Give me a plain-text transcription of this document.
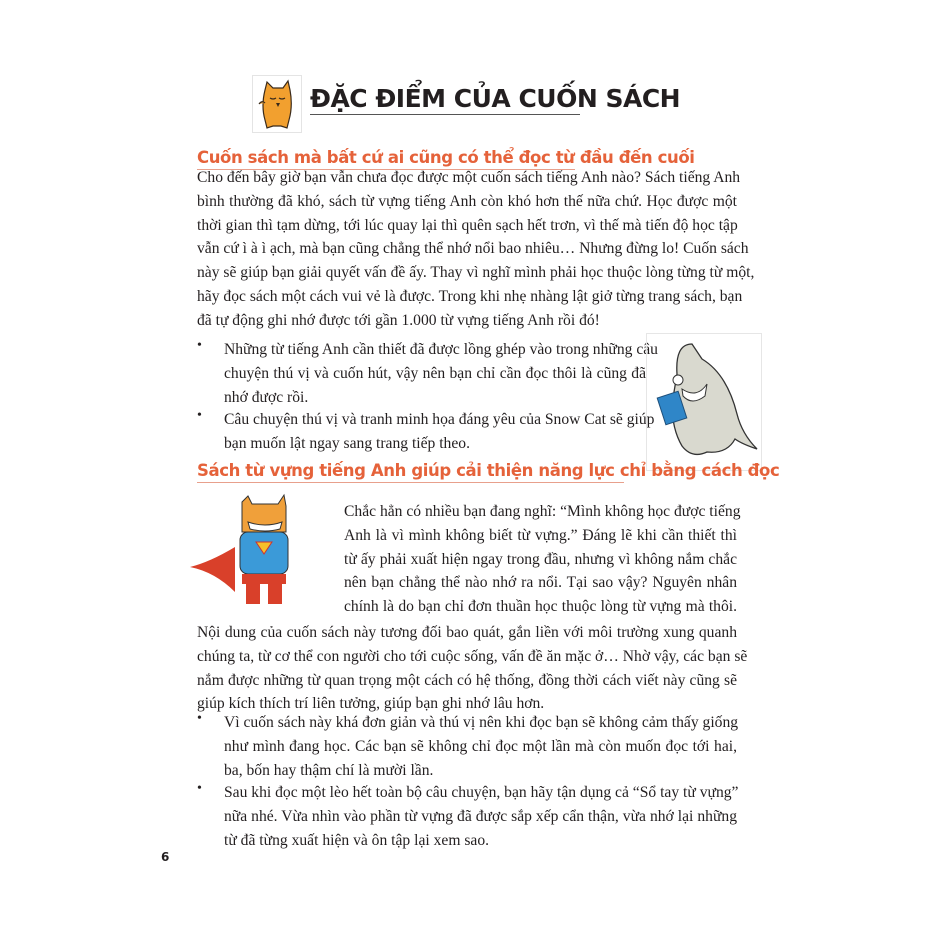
ĐẶC ĐIỂM CỦA CUỐN SÁCH
Cuốn sách mà bất cứ ai cũng có thể đọc từ đầu đến cuối
Cho đến bây giờ bạn vẫn chưa đọc được một cuốn sách tiếng Anh nào? Sách tiếng Anh
bình thường đã khó, sách từ vựng tiếng Anh còn khó hơn thế nữa chứ. Học được một
thời gian thì tạm dừng, tới lúc quay lại thì quên sạch hết trơn, vì thế mà tiến độ học tập
vẫn cứ ì à ì ạch, mà bạn cũng chẳng thể nhớ nổi bao nhiêu… Nhưng đừng lo! Cuốn sách
này sẽ giúp bạn giải quyết vấn đề ấy. Thay vì nghĩ mình phải học thuộc lòng từng từ một,
hãy đọc sách một cách vui vẻ là được. Trong khi nhẹ nhàng lật giở từng trang sách, bạn
đã tự động ghi nhớ được tới gần 1.000 từ vựng tiếng Anh rồi đó!
• Những từ tiếng Anh cần thiết đã được lồng ghép vào trong những câu
chuyện thú vị và cuốn hút, vậy nên bạn chỉ cần đọc thôi là cũng đã
nhớ được rồi.
• Câu chuyện thú vị và tranh minh họa đáng yêu của Snow Cat sẽ giúp
bạn muốn lật ngay sang trang tiếp theo.
Sách từ vựng tiếng Anh giúp cải thiện năng lực chỉ bằng cách đọc
Chắc hẳn có nhiều bạn đang nghĩ: “Mình không học được tiếng
Anh là vì mình không biết từ vựng.” Đáng lẽ khi cần thiết thì
từ ấy phải xuất hiện ngay trong đầu, nhưng vì không nắm chắc
nên bạn chẳng thể nào nhớ ra nổi. Tại sao vậy? Nguyên nhân
chính là do bạn chỉ đơn thuần học thuộc lòng từ vựng mà thôi.
Nội dung của cuốn sách này tương đối bao quát, gắn liền với môi trường xung quanh
chúng ta, từ cơ thể con người cho tới cuộc sống, vấn đề ăn mặc ở… Nhờ vậy, các bạn sẽ
nắm được những từ quan trọng một cách có hệ thống, đồng thời cách viết này cũng sẽ
giúp kích thích trí liên tưởng, giúp bạn ghi nhớ lâu hơn.
• Vì cuốn sách này khá đơn giản và thú vị nên khi đọc bạn sẽ không cảm thấy giống
như mình đang học. Các bạn sẽ không chỉ đọc một lần mà còn muốn đọc tới hai,
ba, bốn hay thậm chí là mười lần.
• Sau khi đọc một lèo hết toàn bộ câu chuyện, bạn hãy tận dụng cả “Sổ tay từ vựng”
nữa nhé. Vừa nhìn vào phần từ vựng đã được sắp xếp cẩn thận, vừa nhớ lại những
từ đã từng xuất hiện và ôn tập lại xem sao.
6
